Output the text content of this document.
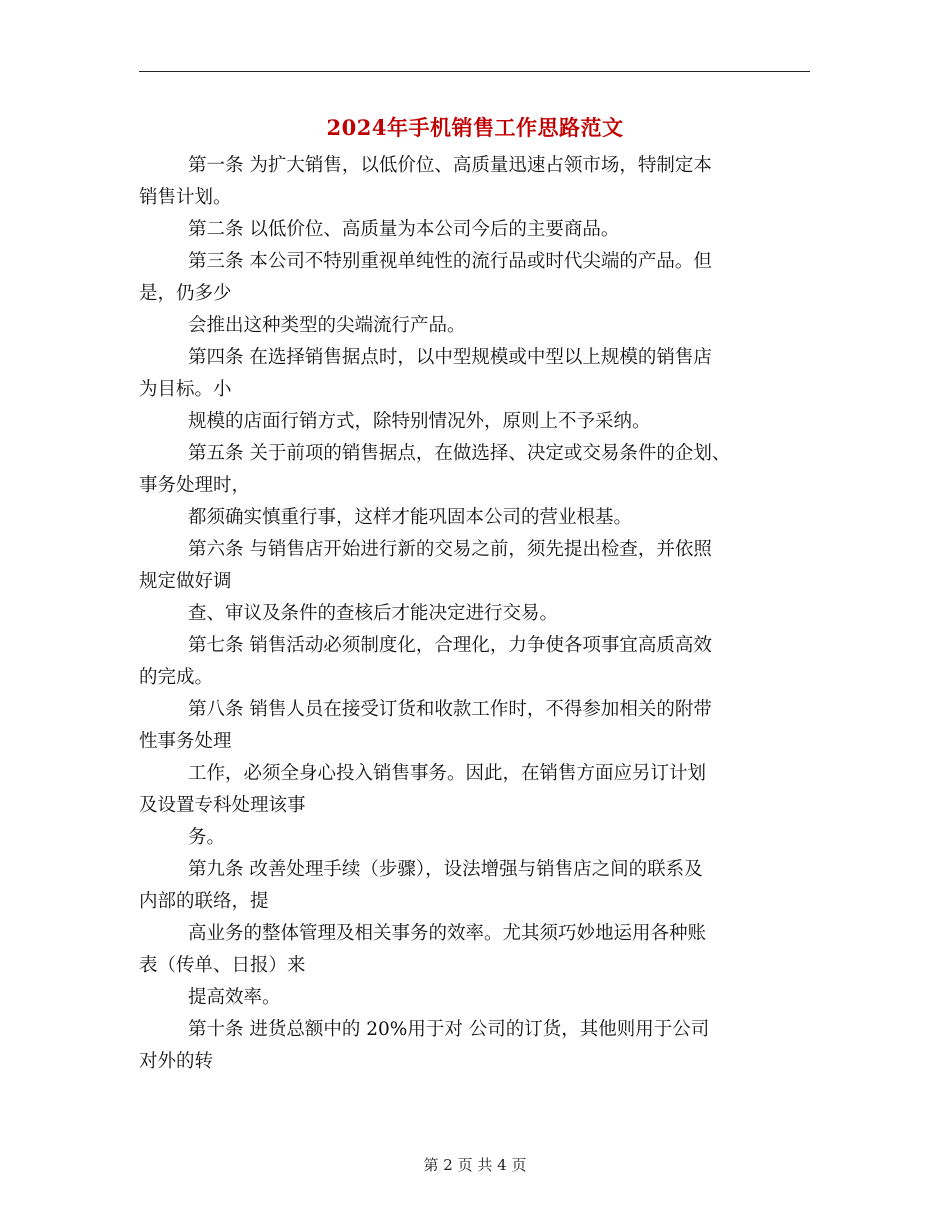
2024年手机销售工作思路范文
第一条 为扩大销售，以低价位、高质量迅速占领市场，特制定本
销售计划。
第二条 以低价位、高质量为本公司今后的主要商品。
第三条 本公司不特别重视单纯性的流行品或时代尖端的产品。但
是，仍多少
会推出这种类型的尖端流行产品。
第四条 在选择销售据点时，以中型规模或中型以上规模的销售店
为目标。小
规模的店面行销方式，除特别情况外，原则上不予采纳。
第五条 关于前项的销售据点，在做选择、决定或交易条件的企划、
事务处理时，
都须确实慎重行事，这样才能巩固本公司的营业根基。
第六条 与销售店开始进行新的交易之前，须先提出检查，并依照
规定做好调
查、审议及条件的查核后才能决定进行交易。
第七条 销售活动必须制度化，合理化，力争使各项事宜高质高效
的完成。
第八条 销售人员在接受订货和收款工作时，不得参加相关的附带
性事务处理
工作，必须全身心投入销售事务。因此，在销售方面应另订计划
及设置专科处理该事
务。
第九条 改善处理手续（步骤），设法增强与销售店之间的联系及
内部的联络，提
高业务的整体管理及相关事务的效率。尤其须巧妙地运用各种账
表（传单、日报）来
提高效率。
第十条 进货总额中的 20%用于对 公司的订货，其他则用于公司
对外的转
第 2 页 共 4 页
